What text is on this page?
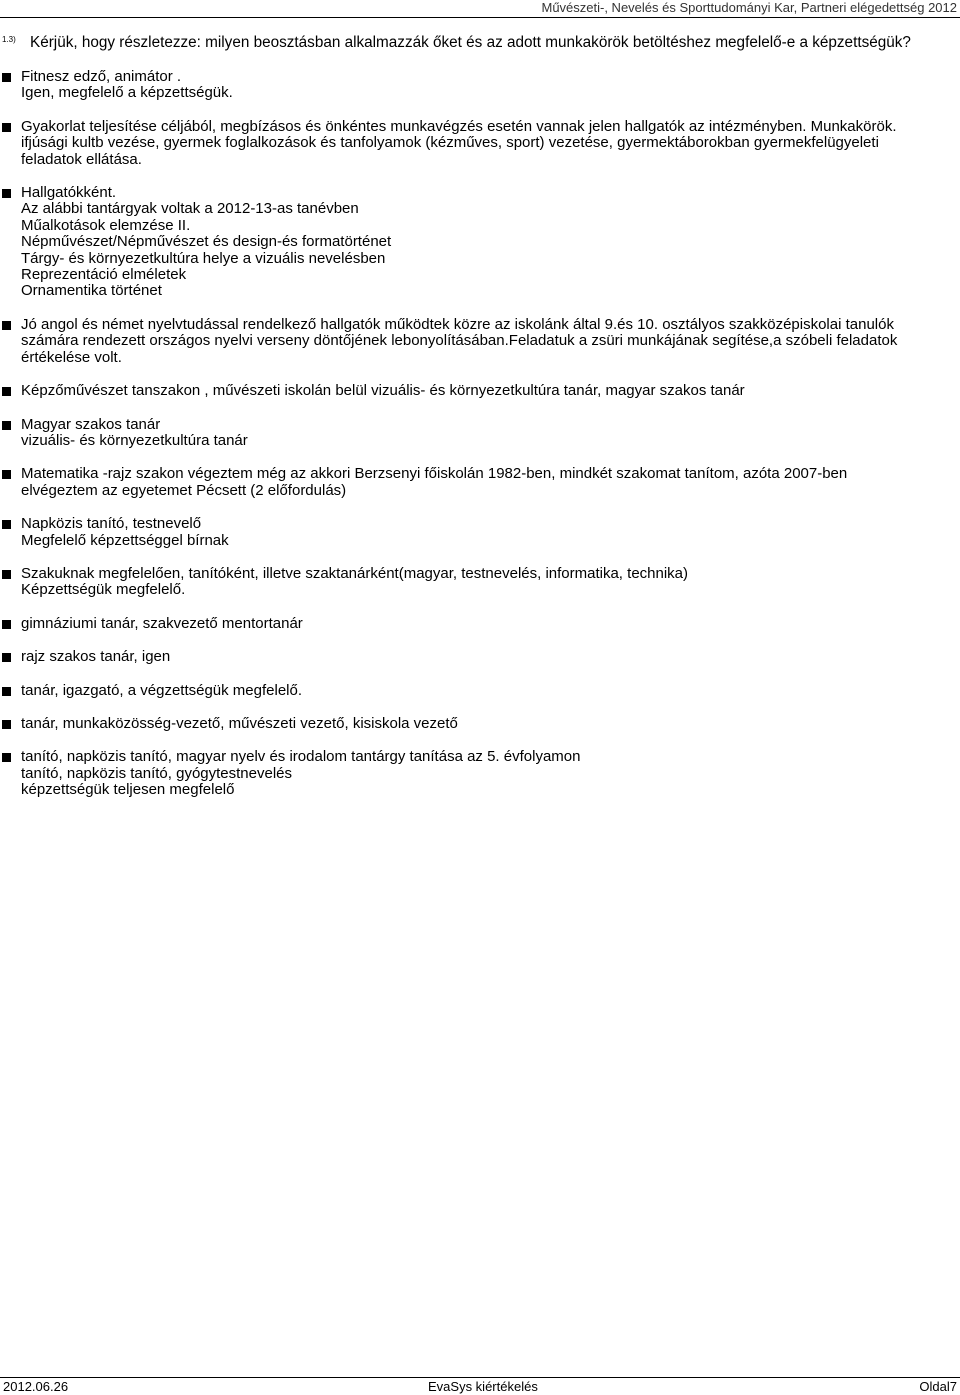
Művészeti-, Nevelés és Sporttudományi Kar, Partneri elégedettség 2012
1.3) Kérjük, hogy részletezze: milyen beosztásban alkalmazzák őket és az adott munkakörök betöltéshez megfelelő-e a képzettségük?
Fitnesz edző, animátor .
Igen, megfelelő a képzettségük.
Gyakorlat teljesítése céljából, megbízásos és önkéntes munkavégzés esetén vannak jelen hallgatók az intézményben. Munkakörök.
ifjúsági kultb vezése, gyermek foglalkozások és tanfolyamok (kézműves, sport) vezetése, gyermektáborokban gyermekfelügyeleti
feladatok ellátása.
Hallgatókként.
Az alábbi tantárgyak voltak a 2012-13-as tanévben
Műalkotások elemzése II.
Népművészet/Népművészet és design-és formatörténet
Tárgy- és környezetkultúra helye a vizuális nevelésben
Reprezentáció elméletek
Ornamentika történet
Jó angol és német nyelvtudással rendelkező hallgatók működtek közre az iskolánk által 9.és 10. osztályos szakközépiskolai tanulók
számára rendezett országos nyelvi verseny döntőjének lebonyolításában.Feladatuk a zsüri munkájának segítése,a szóbeli feladatok
értékelése volt.
Képzőművészet tanszakon , művészeti iskolán belül vizuális- és környezetkultúra tanár, magyar szakos tanár
Magyar szakos tanár
vizuális- és környezetkultúra tanár
Matematika -rajz szakon végeztem még az akkori Berzsenyi főiskolán 1982-ben, mindkét szakomat tanítom, azóta 2007-ben
elvégeztem az egyetemet Pécsett (2 előfordulás)
Napközis tanító, testnevelő
Megfelelő képzettséggel bírnak
Szakuknak megfelelően, tanítóként, illetve szaktanárként(magyar, testnevelés, informatika, technika)
Képzettségük megfelelő.
gimnáziumi tanár, szakvezető mentortanár
rajz szakos tanár, igen
tanár, igazgató, a végzettségük megfelelő.
tanár, munkaközösség-vezető, művészeti vezető, kisiskola vezető
tanító, napközis tanító, magyar nyelv és irodalom tantárgy tanítása az 5. évfolyamon
tanító, napközis tanító, gyógytestnevelés
képzettségük teljesen megfelelő
2012.06.26	EvaSys kiértékelés	Oldal7
